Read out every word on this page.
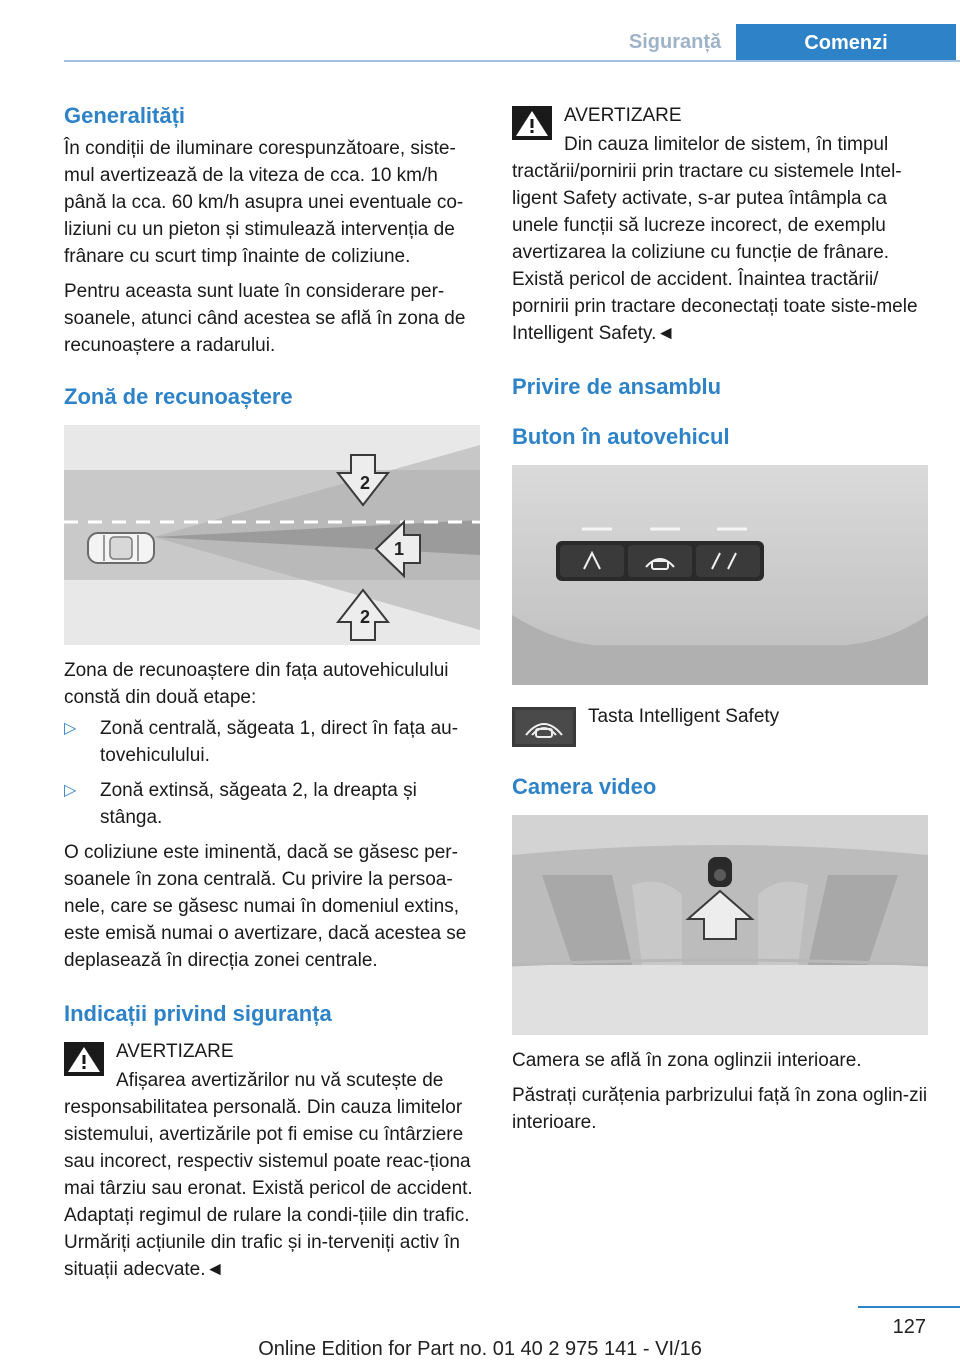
Siguranță	Comenzi
Generalități

În condiții de iluminare corespunzătoare, siste-mul avertizează de la viteza de cca. 10 km/h până la cca. 60 km/h asupra unei eventuale co-liziuni cu un pieton și stimulează intervenția de frânare cu scurt timp înainte de coliziune.

Pentru aceasta sunt luate în considerare per-soanele, atunci când acestea se află în zona de recunoaștere a radarului.

Zonă de recunoaștere
2
1
2

Zona de recunoaștere din fața autovehiculului constă din două etape:

▷ Zonă centrală, săgeata 1, direct în fața au-tovehiculului.
▷ Zonă extinsă, săgeata 2, la dreapta și stânga.

O coliziune este iminentă, dacă se găsesc per-soanele în zona centrală. Cu privire la persoa-nele, care se găsesc numai în domeniul extins, este emisă numai o avertizare, dacă acestea se deplasează în direcția zonei centrale.

Indicații privind siguranța
AVERTIZARE

Afișarea avertizărilor nu vă scutește de responsabilitatea personală. Din cauza limitelor sistemului, avertizările pot fi emise cu întârziere sau incorect, respectiv sistemul poate reac-ționa mai târziu sau eronat. Există pericol de accident. Adaptați regimul de rulare la condi-țiile din trafic. Urmăriți acțiunile din trafic și in-terveniți activ în situații adecvate.◄

AVERTIZARE

Din cauza limitelor de sistem, în timpul tractării/pornirii prin tractare cu sistemele Intel-ligent Safety activate, s-ar putea întâmpla ca unele funcții să lucreze incorect, de exemplu avertizarea la coliziune cu funcție de frânare. Există pericol de accident. Înaintea tractării/ pornirii prin tractare deconectați toate siste-mele Intelligent Safety.◄

Privire de ansamblu
Buton în autovehicul
Tasta Intelligent Safety
Camera video

Camera se află în zona oglinzii interioare.

Păstrați curățenia parbrizului față în zona oglin-zii interioare.

127
Online Edition for Part no. 01 40 2 975 141 - VI/16
